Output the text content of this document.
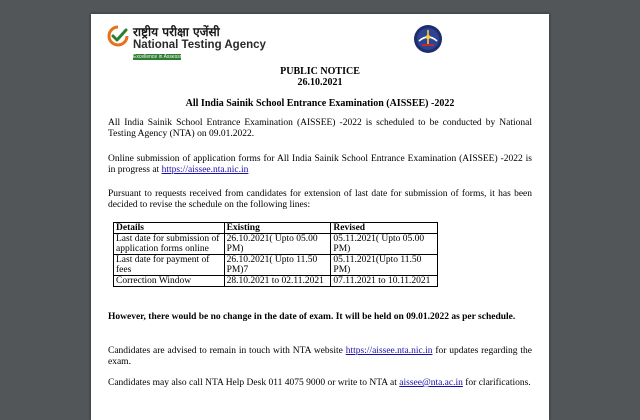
राष्ट्रीय परीक्षा एजेंसी
National Testing Agency
Excellence in Assessment
PUBLIC NOTICE
26.10.2021
All India Sainik School Entrance Examination (AISSEE) -2022

All India Sainik School Entrance Examination (AISSEE) -2022 is scheduled to be conducted by National Testing Agency (NTA) on 09.01.2022.

Online submission of application forms for All India Sainik School Entrance Examination (AISSEE) -2022 is in progress at https://aissee.nta.nic.in

Pursuant to requests received from candidates for extension of last date for submission of forms, it has been decided to revise the schedule on the following lines:

Details	Existing	Revised
Last date for submission of application forms online	26.10.2021( Upto 05.00 PM)	05.11.2021( Upto 05.00 PM)
Last date for payment of fees	26.10.2021( Upto 11.50 PM)7	05.11.2021(Upto 11.50 PM)
Correction Window	28.10.2021 to 02.11.2021	07.11.2021 to 10.11.2021

However, there would be no change in the date of exam. It will be held on 09.01.2022 as per schedule.

Candidates are advised to remain in touch with NTA website https://aissee.nta.nic.in for updates regarding the exam.

Candidates may also call NTA Help Desk 011 4075 9000 or write to NTA at aissee@nta.ac.in for clarifications.
